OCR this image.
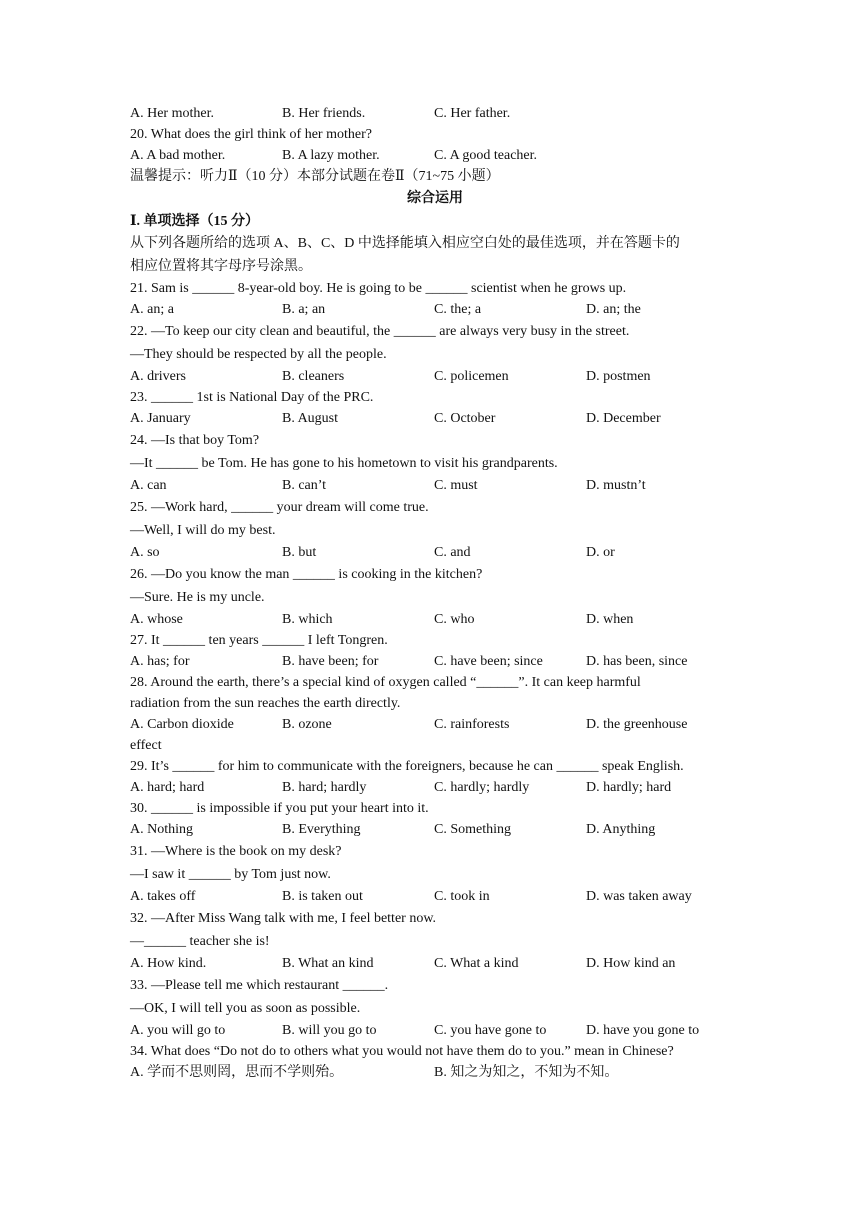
A. Her mother.	B. Her friends.	C. Her father.
20. What does the girl think of her mother?
A. A bad mother.	B. A lazy mother.	C. A good teacher.
温馨提示：听力Ⅱ（10 分）本部分试题在卷Ⅱ（71~75 小题）
综合运用
Ⅰ. 单项选择（15 分）
从下列各题所给的选项 A、B、C、D 中选择能填入相应空白处的最佳选项，并在答题卡的
相应位置将其字母序号涂黑。
21. Sam is ______ 8-year-old boy. He is going to be ______ scientist when he grows up.
A. an; a	B. a; an	C. the; a	D. an; the
22. —To keep our city clean and beautiful, the ______ are always very busy in the street.
—They should be respected by all the people.
A. drivers	B. cleaners	C. policemen	D. postmen
23. ______ 1st is National Day of the PRC.
A. January	B. August	C. October	D. December
24. —Is that boy Tom?
—It ______ be Tom. He has gone to his hometown to visit his grandparents.
A. can	B. can’t	C. must	D. mustn’t
25. —Work hard, ______ your dream will come true.
—Well, I will do my best.
A. so	B. but	C. and	D. or
26. —Do you know the man ______ is cooking in the kitchen?
—Sure. He is my uncle.
A. whose	B. which	C. who	D. when
27. It ______ ten years ______ I left Tongren.
A. has; for	B. have been; for	C. have been; since	D. has been, since
28. Around the earth, there’s a special kind of oxygen called “______”. It can keep harmful
radiation from the sun reaches the earth directly.
A. Carbon dioxide	B. ozone	C. rainforests	D. the greenhouse
effect
29. It’s ______ for him to communicate with the foreigners, because he can ______ speak English.
A. hard; hard	B. hard; hardly	C. hardly; hardly	D. hardly; hard
30. ______ is impossible if you put your heart into it.
A. Nothing	B. Everything	C. Something	D. Anything
31. —Where is the book on my desk?
—I saw it ______ by Tom just now.
A. takes off	B. is taken out	C. took in	D. was taken away
32. —After Miss Wang talk with me, I feel better now.
—______ teacher she is!
A. How kind.	B. What an kind	C. What a kind	D. How kind an
33. —Please tell me which restaurant ______.
—OK, I will tell you as soon as possible.
A. you will go to	B. will you go to	C. you have gone to	D. have you gone to
34. What does “Do not do to others what you would not have them do to you.” mean in Chinese?
A. 学而不思则罔，思而不学则殆。	B. 知之为知之，不知为不知。
